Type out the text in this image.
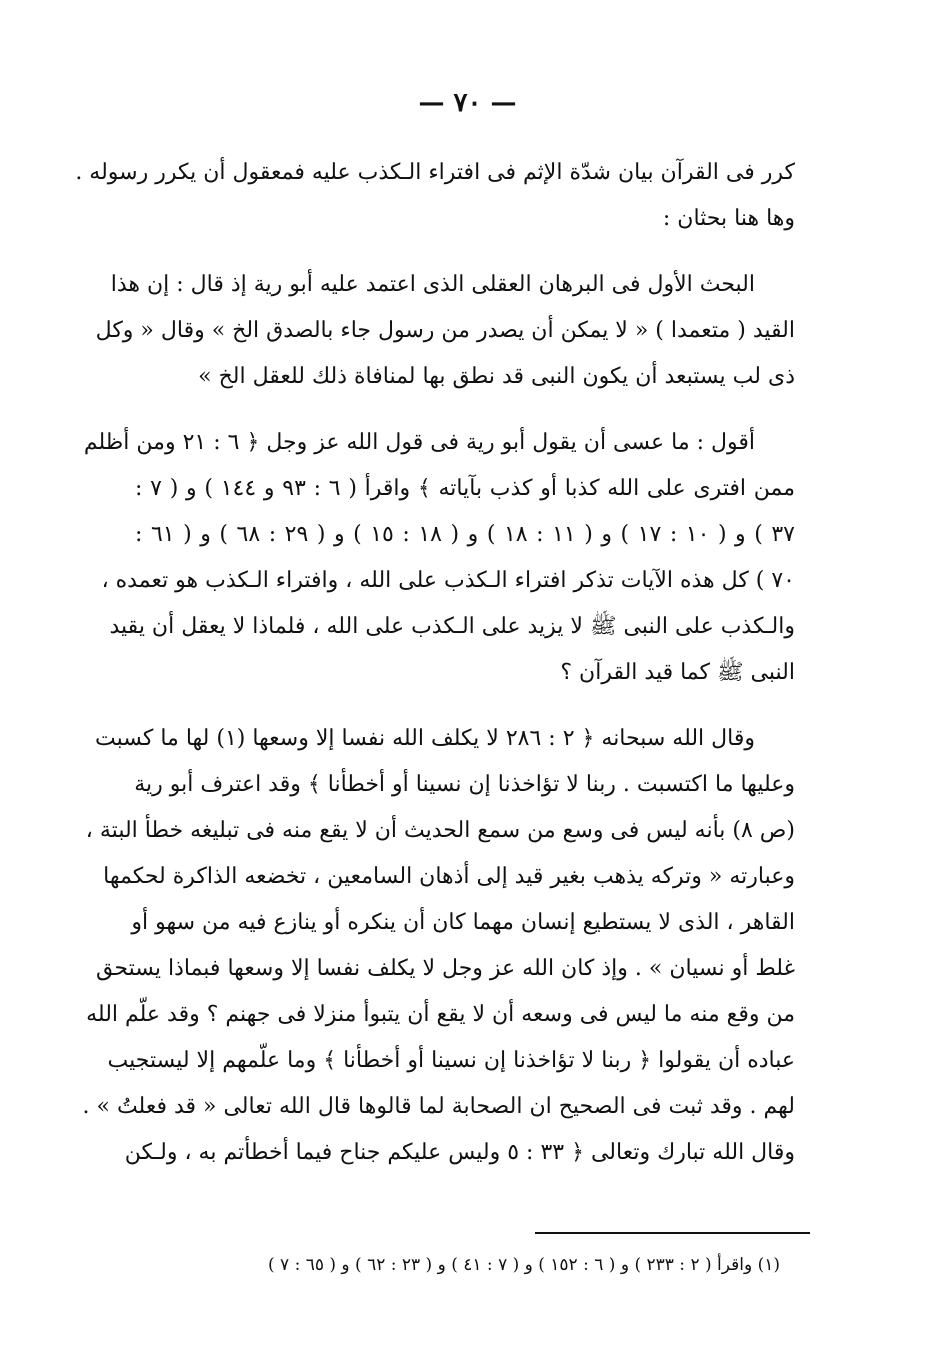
— ٧٠ —
كرر فى القرآن بيان شدّة الإثم فى افتراء الـكذب عليه فمعقول أن يكرر رسوله .
وها هنا بحثان :
البحث الأول فى البرهان العقلى الذى اعتمد عليه أبو رية إذ قال : إن هذا
القيد ( متعمدا ) « لا يمكن أن يصدر من رسول جاء بالصدق الخ » وقال « وكل
ذى لب يستبعد أن يكون النبى قد نطق بها لمنافاة ذلك للعقل الخ »
أقول : ما عسى أن يقول أبو رية فى قول الله عز وجل ﴿ ٦ : ٢١ ومن أظلم
ممن افترى على الله كذبا أو كذب بآياته ﴾ واقرأ ( ٦ : ٩٣ و ١٤٤ ) و ( ٧ :
٣٧ ) و ( ١٠ : ١٧ ) و ( ١١ : ١٨ ) و ( ١٨ : ١٥ ) و ( ٢٩ : ٦٨ ) و ( ٦١ :
٧٠ ) كل هذه الآيات تذكر افتراء الـكذب على الله ، وافتراء الـكذب هو تعمده ،
والـكذب على النبى ﷺ لا يزيد على الـكذب على الله ، فلماذا لا يعقل أن يقيد
النبى ﷺ كما قيد القرآن ؟
وقال الله سبحانه ﴿ ٢ : ٢٨٦ لا يكلف الله نفسا إلا وسعها (١) لها ما كسبت
وعليها ما اكتسبت . ربنا لا تؤاخذنا إن نسينا أو أخطأنا ﴾ وقد اعترف أبو رية
(ص ٨) بأنه ليس فى وسع من سمع الحديث أن لا يقع منه فى تبليغه خطأ البتة ،
وعبارته « وتركه يذهب بغير قيد إلى أذهان السامعين ، تخضعه الذاكرة لحكمها
القاهر ، الذى لا يستطيع إنسان مهما كان أن ينكره أو ينازع فيه من سهو أو
غلط أو نسيان » . وإذ كان الله عز وجل لا يكلف نفسا إلا وسعها فبماذا يستحق
من وقع منه ما ليس فى وسعه أن لا يقع أن يتبوأ منزلا فى جهنم ؟ وقد علّم الله
عباده أن يقولوا ﴿ ربنا لا تؤاخذنا إن نسينا أو أخطأنا ﴾ وما علّمهم إلا ليستجيب
لهم . وقد ثبت فى الصحيح ان الصحابة لما قالوها قال الله تعالى « قد فعلتُ » .
وقال الله تبارك وتعالى ﴿ ٣٣ : ٥ وليس عليكم جناح فيما أخطأتم به ، ولـكن
(١) واقرأ ( ٢ : ٢٣٣ ) و ( ٦ : ١٥٢ ) و ( ٧ : ٤١ ) و ( ٢٣ : ٦٢ ) و ( ٦٥ : ٧ )
